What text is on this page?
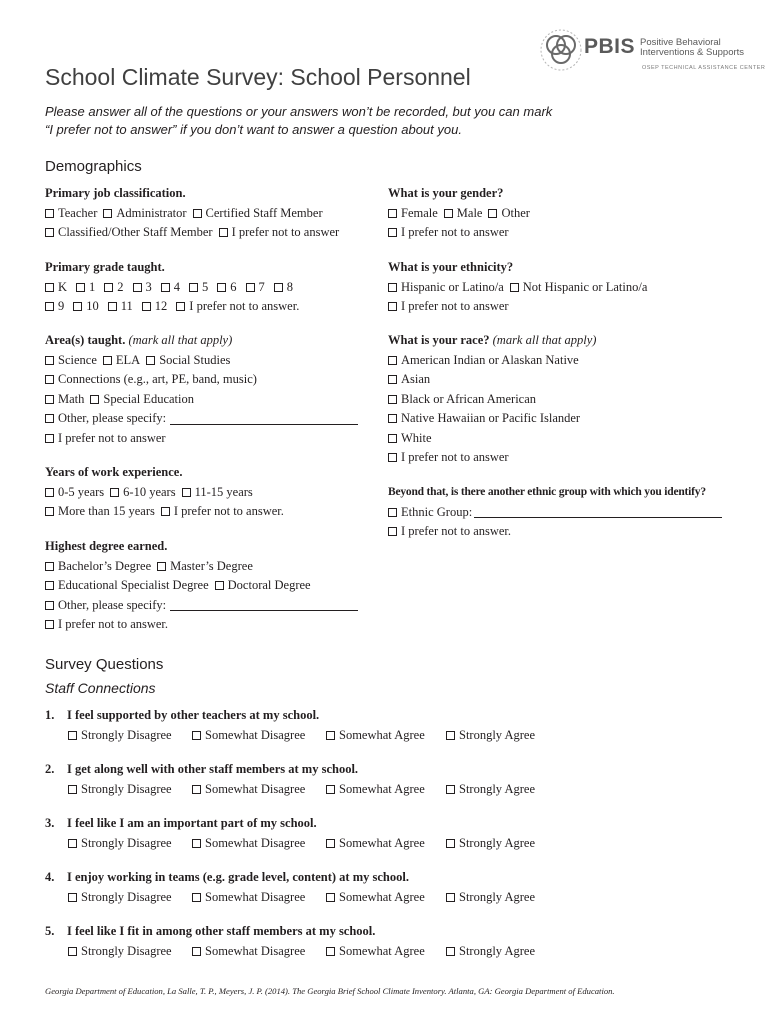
PBIS Positive Behavioral
Interventions & Supports
OSEP TECHNICAL ASSISTANCE CENTER
School Climate Survey: School Personnel
Please answer all of the questions or your answers won’t be recorded, but you can mark
“I prefer not to answer” if you don’t want to answer a question about you.
Demographics
Primary job classification.
Teacher Administrator Certified Staff Member
Classified/Other Staff Member I prefer not to answer
Primary grade taught.
K 1 2 3 4 5 6 7 8
9 10 11 12 I prefer not to answer.
Area(s) taught. (mark all that apply)
Science ELA Social Studies
Connections (e.g., art, PE, band, music)
Math Special Education
Other, please specify:
I prefer not to answer
Years of work experience.
0-5 years 6-10 years 11-15 years
More than 15 years I prefer not to answer.
Highest degree earned.
Bachelor’s Degree Master’s Degree
Educational Specialist Degree Doctoral Degree
Other, please specify:
I prefer not to answer.
What is your gender?
Female Male Other
I prefer not to answer
What is your ethnicity?
Hispanic or Latino/a Not Hispanic or Latino/a
I prefer not to answer
What is your race? (mark all that apply)
American Indian or Alaskan Native
Asian
Black or African American
Native Hawaiian or Pacific Islander
White
I prefer not to answer
Beyond that, is there another ethnic group with which you identify?
Ethnic Group:
I prefer not to answer.
Survey Questions
Staff Connections
1. I feel supported by other teachers at my school.
Strongly Disagree	Somewhat Disagree	Somewhat Agree	Strongly Agree
2. I get along well with other staff members at my school.
Strongly Disagree	Somewhat Disagree	Somewhat Agree	Strongly Agree
3. I feel like I am an important part of my school.
Strongly Disagree	Somewhat Disagree	Somewhat Agree	Strongly Agree
4. I enjoy working in teams (e.g. grade level, content) at my school.
Strongly Disagree	Somewhat Disagree	Somewhat Agree	Strongly Agree
5. I feel like I fit in among other staff members at my school.
Strongly Disagree	Somewhat Disagree	Somewhat Agree	Strongly Agree
Georgia Department of Education, La Salle, T. P., Meyers, J. P. (2014). The Georgia Brief School Climate Inventory. Atlanta, GA: Georgia Department of Education.
